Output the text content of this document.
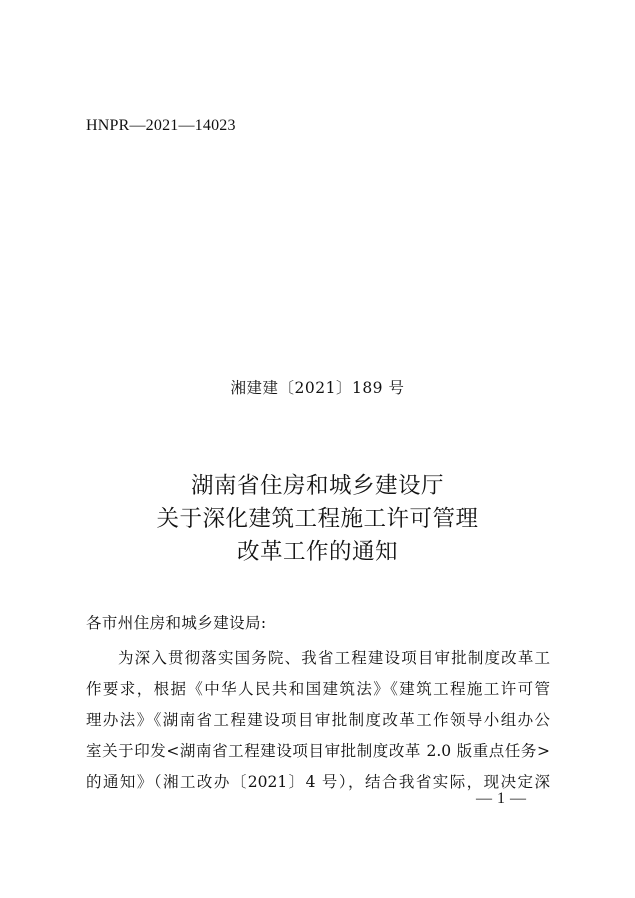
HNPR—2021—14023
湘建建〔2021〕189 号
湖南省住房和城乡建设厅
关于深化建筑工程施工许可管理
改革工作的通知
各市州住房和城乡建设局:
为深入贯彻落实国务院、我省工程建设项目审批制度改革工
作要求，根据《中华人民共和国建筑法》《建筑工程施工许可管
理办法》《湖南省工程建设项目审批制度改革工作领导小组办公
室关于印发<湖南省工程建设项目审批制度改革 2.0 版重点任务>
的通知》（湘工改办〔2021〕4 号），结合我省实际，现决定深
— 1 —
